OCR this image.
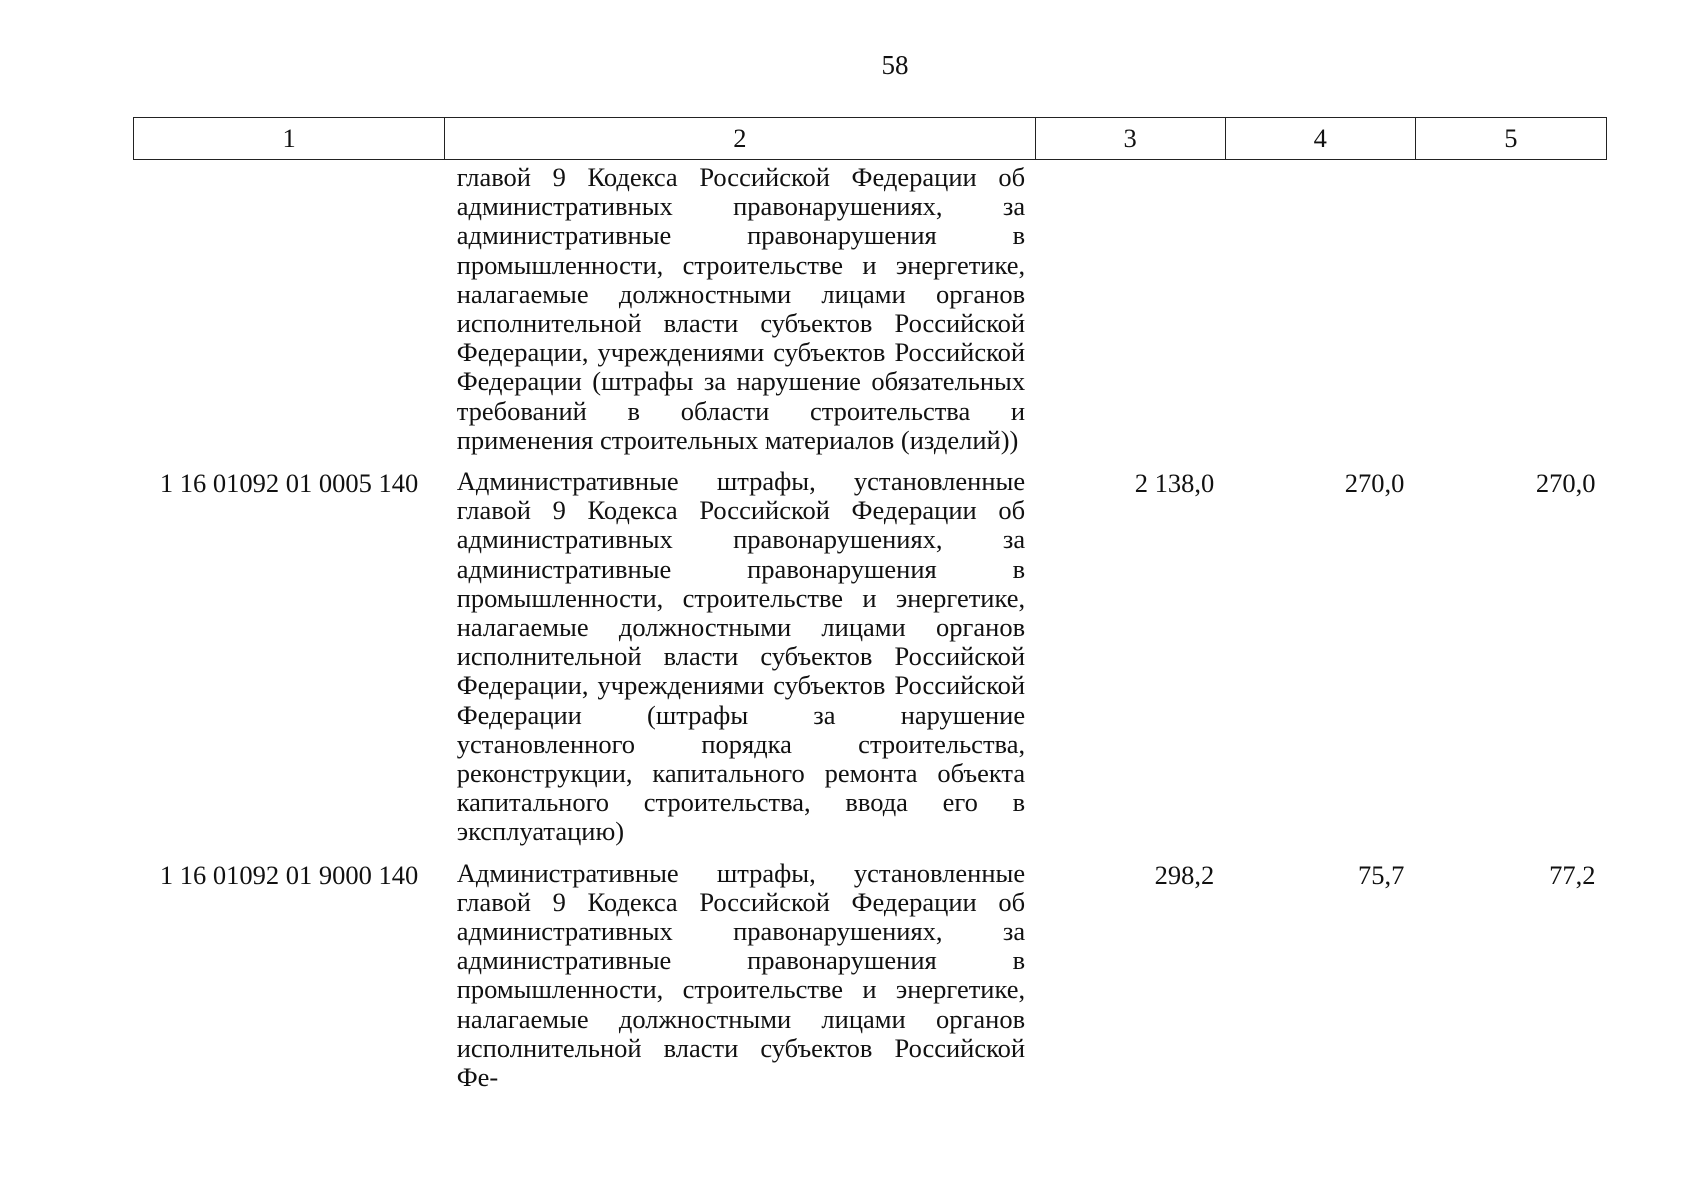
58
1	2	3	4	5
	главой 9 Кодекса Российской Федерации об административных правонарушениях, за административные правонарушения в промышленности, строительстве и энергетике, налагаемые должностными лицами органов исполнительной власти субъектов Российской Федерации, учреждениями субъектов Российской Федерации (штрафы за нарушение обязательных требований в области строительства и применения строительных материалов (изделий))			
1 16 01092 01 0005 140	Административные штрафы, установленные главой 9 Кодекса Российской Федерации об административных правонарушениях, за административные правонарушения в промышленности, строительстве и энергетике, налагаемые должностными лицами органов исполнительной власти субъектов Российской Федерации, учреждениями субъектов Российской Федерации (штрафы за нарушение установленного порядка строительства, реконструкции, капитального ремонта объекта капитального строительства, ввода его в эксплуатацию)	2 138,0	270,0	270,0
1 16 01092 01 9000 140	Административные штрафы, установленные главой 9 Кодекса Российской Федерации об административных правонарушениях, за административные правонарушения в промышленности, строительстве и энергетике, налагаемые должностными лицами органов исполнительной власти субъектов Российской Фе-	298,2	75,7	77,2
